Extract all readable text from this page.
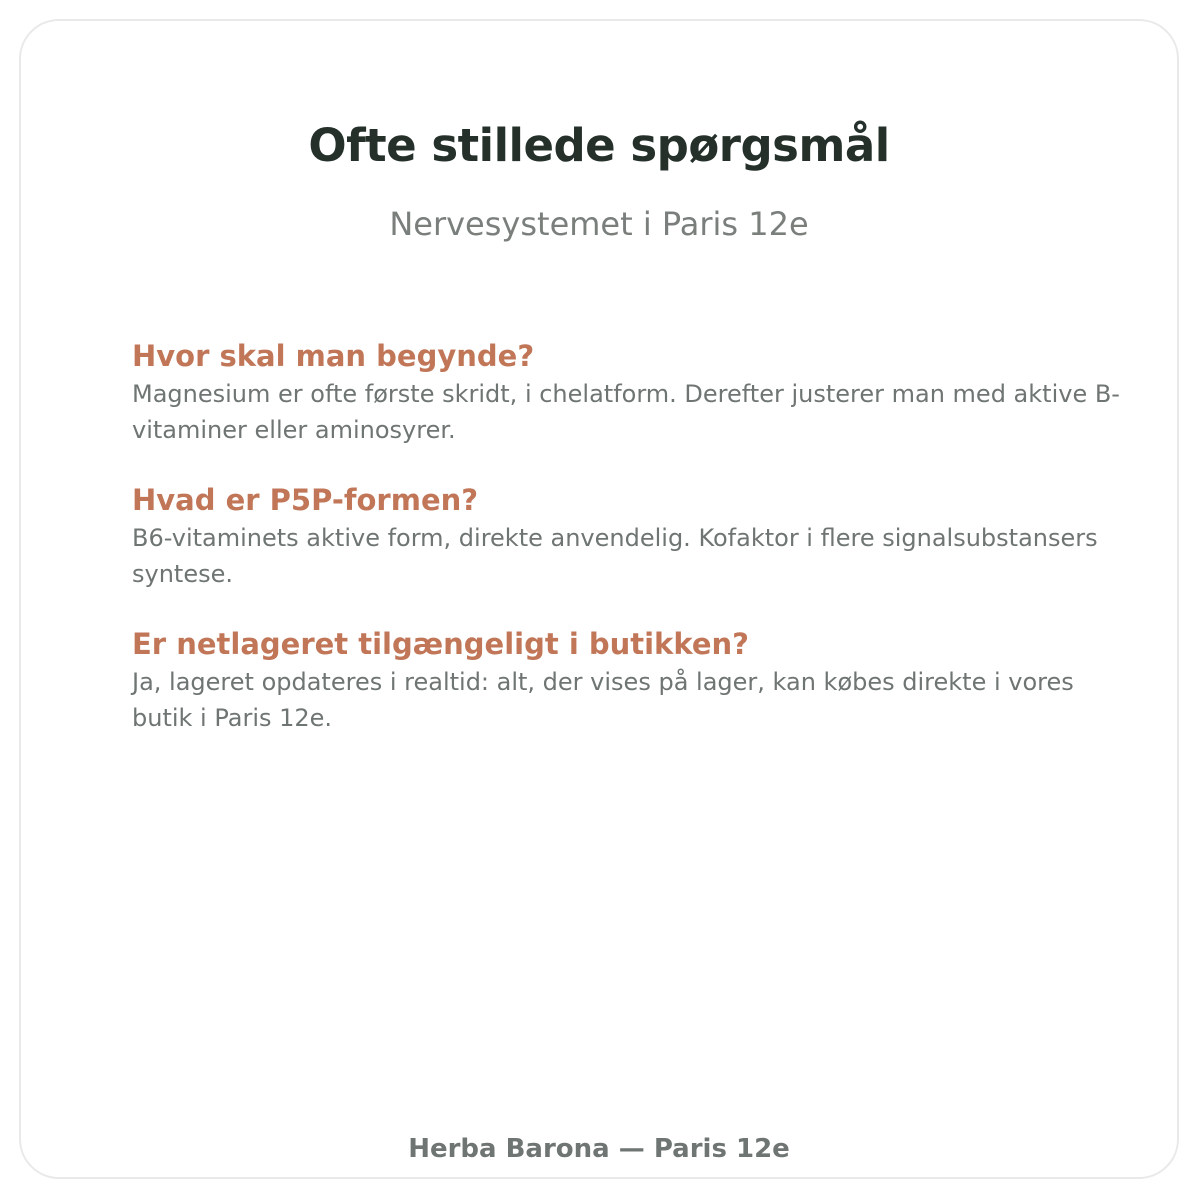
Ofte stillede spørgsmål

Nervesystemet i Paris 12e

Hvor skal man begynde?

Magnesium er ofte første skridt, i chelatform. Derefter justerer man med aktive B-vitaminer eller aminosyrer.

Hvad er P5P-formen?

B6-vitaminets aktive form, direkte anvendelig. Kofaktor i flere signalsubstansers syntese.

Er netlageret tilgængeligt i butikken?

Ja, lageret opdateres i realtid: alt, der vises på lager, kan købes direkte i vores butik i Paris 12e.

Herba Barona — Paris 12e
